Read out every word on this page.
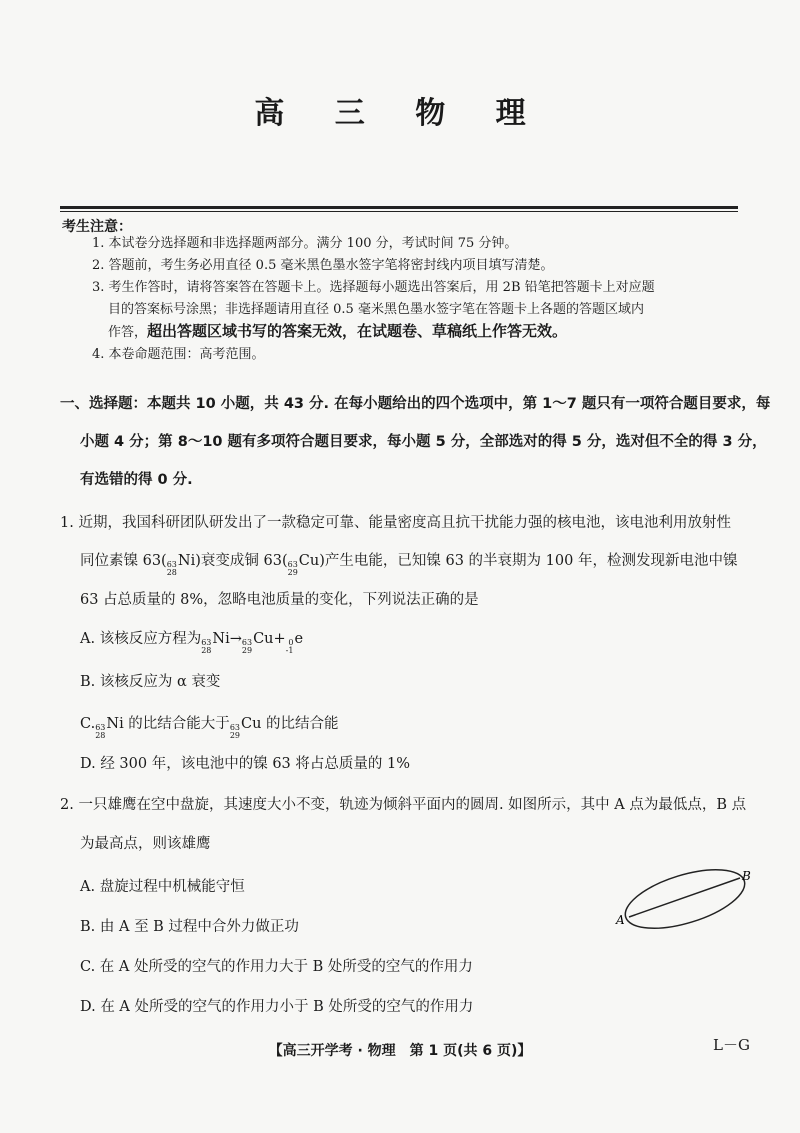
高 三 物 理
考生注意：
1. 本试卷分选择题和非选择题两部分。满分 100 分，考试时间 75 分钟。
2. 答题前，考生务必用直径 0.5 毫米黑色墨水签字笔将密封线内项目填写清楚。
3. 考生作答时，请将答案答在答题卡上。选择题每小题选出答案后，用 2B 铅笔把答题卡上对应题
目的答案标号涂黑；非选择题请用直径 0.5 毫米黑色墨水签字笔在答题卡上各题的答题区域内
作答，超出答题区域书写的答案无效，在试题卷、草稿纸上作答无效。
4. 本卷命题范围：高考范围。
一、选择题：本题共 10 小题，共 43 分. 在每小题给出的四个选项中，第 1～7 题只有一项符合题目要求，每
小题 4 分；第 8～10 题有多项符合题目要求，每小题 5 分，全部选对的得 5 分，选对但不全的得 3 分，
有选错的得 0 分.
1. 近期，我国科研团队研发出了一款稳定可靠、能量密度高且抗干扰能力强的核电池，该电池利用放射性
同位素镍 63( 63
28
Ni)衰变成铜 63( 63
29
Cu)产生电能，已知镍 63 的半衰期为 100 年，检测发现新电池中镍
63 占总质量的 8%，忽略电池质量的变化，下列说法正确的是
A. 该核反应方程为 63
28
Ni→ 63
29
Cu+ 0
-1
e
B. 该核反应为 α 衰变
C. 63
28
Ni 的比结合能大于 63
29
Cu 的比结合能
D. 经 300 年，该电池中的镍 63 将占总质量的 1%
2. 一只雄鹰在空中盘旋，其速度大小不变，轨迹为倾斜平面内的圆周. 如图所示，其中 A 点为最低点，B 点
为最高点，则该雄鹰
A. 盘旋过程中机械能守恒
B. 由 A 至 B 过程中合外力做正功
C. 在 A 处所受的空气的作用力大于 B 处所受的空气的作用力
D. 在 A 处所受的空气的作用力小于 B 处所受的空气的作用力
A
B
【高三开学考 · 物理　第 1 页(共 6 页)】	L－G
